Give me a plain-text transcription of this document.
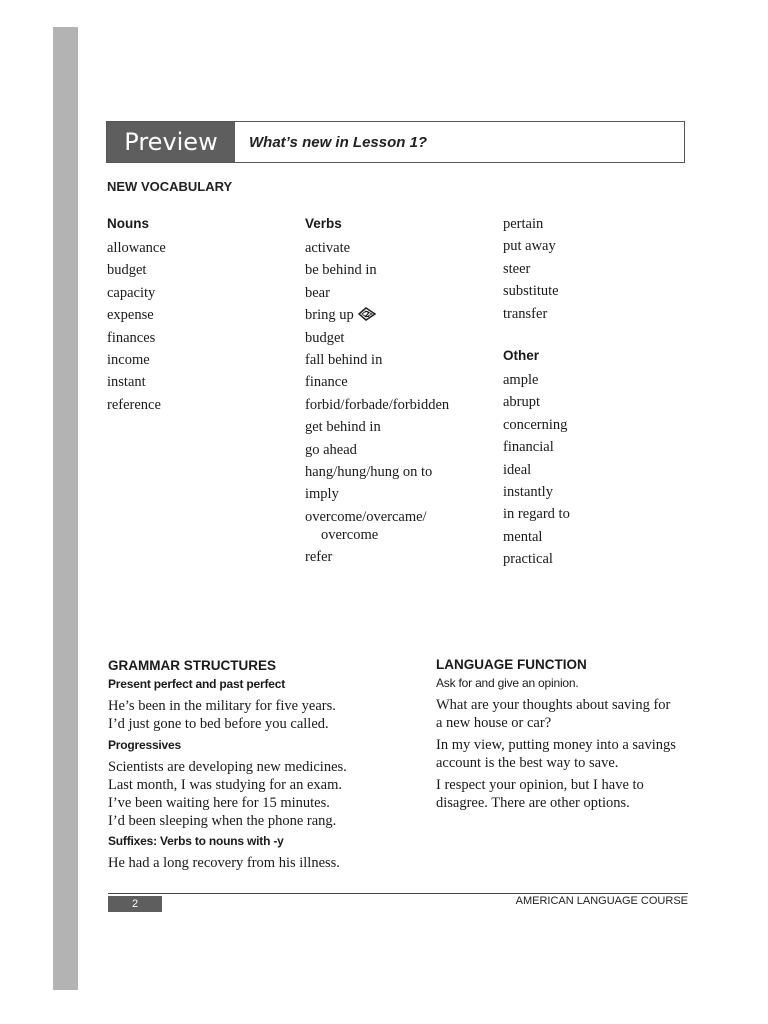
Preview	What’s new in Lesson 1?
NEW VOCABULARY
Nouns
allowance
budget
capacity
expense
finances
income
instant
reference
Verbs
activate
be behind in
bear
bring up 2
budget
fall behind in
finance
forbid/forbade/forbidden
get behind in
go ahead
hang/hung/hung on to
imply
overcome/overcame/
overcome
refer
pertain
put away
steer
substitute
transfer
Other
ample
abrupt
concerning
financial
ideal
instantly
in regard to
mental
practical
GRAMMAR STRUCTURES
Present perfect and past perfect

He’s been in the military for five years.

I’d just gone to bed before you called.

Progressives

Scientists are developing new medicines.

Last month, I was studying for an exam.

I’ve been waiting here for 15 minutes.

I’d been sleeping when the phone rang.

Suffixes: Verbs to nouns with -y

He had a long recovery from his illness.

LANGUAGE FUNCTION
Ask for and give an opinion.

What are your thoughts about saving for a new house or car?

In my view, putting money into a savings account is the best way to save.

I respect your opinion, but I have to disagree. There are other options.

2	AMERICAN LANGUAGE COURSE
